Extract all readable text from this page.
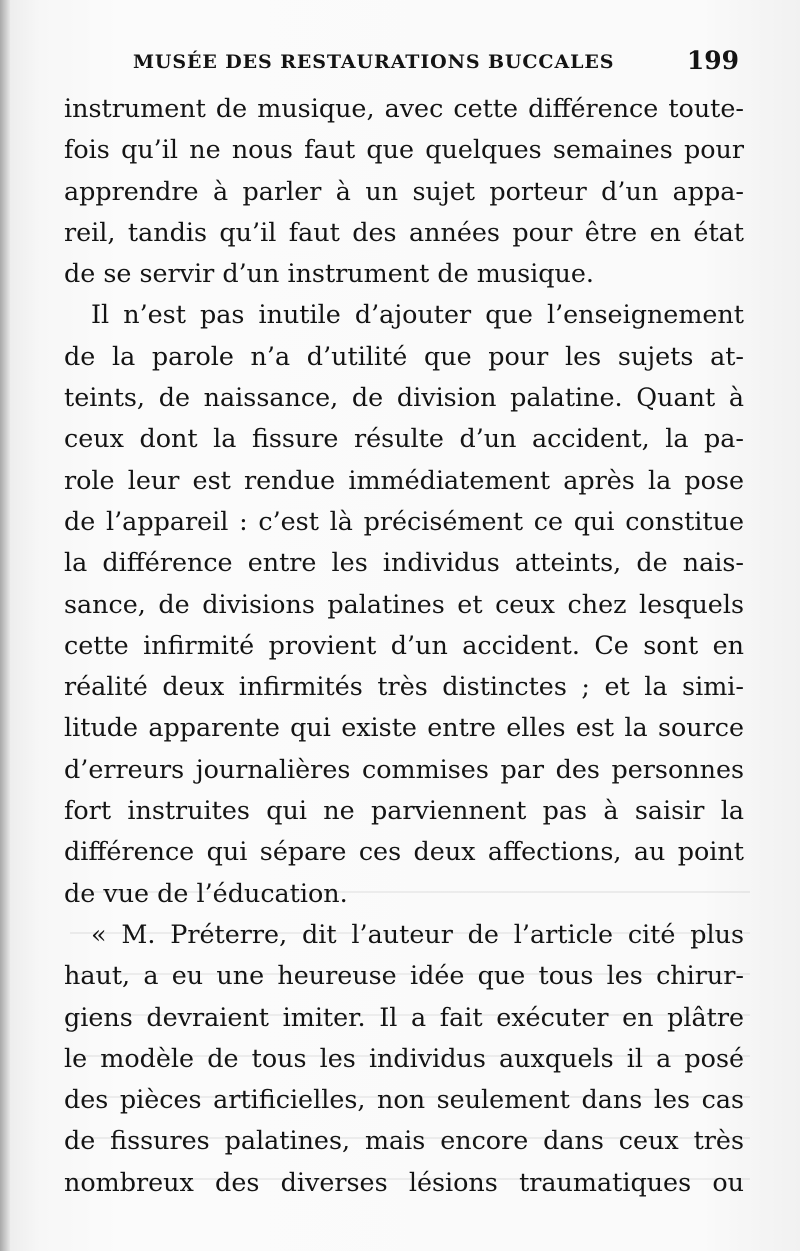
MUSÉE DES RESTAURATIONS BUCCALES	199
instrument de musique, avec cette différence toute-
fois qu’il ne nous faut que quelques semaines pour
apprendre à parler à un sujet porteur d’un appa-
reil, tandis qu’il faut des années pour être en état
de se servir d’un instrument de musique.
Il n’est pas inutile d’ajouter que l’enseignement
de la parole n’a d’utilité que pour les sujets at-
teints, de naissance, de division palatine. Quant à
ceux dont la fissure résulte d’un accident, la pa-
role leur est rendue immédiatement après la pose
de l’appareil : c’est là précisément ce qui constitue
la différence entre les individus atteints, de nais-
sance, de divisions palatines et ceux chez lesquels
cette infirmité provient d’un accident. Ce sont en
réalité deux infirmités très distinctes ; et la simi-
litude apparente qui existe entre elles est la source
d’erreurs journalières commises par des personnes
fort instruites qui ne parviennent pas à saisir la
différence qui sépare ces deux affections, au point
de vue de l’éducation.
« M. Préterre, dit l’auteur de l’article cité plus
haut, a eu une heureuse idée que tous les chirur-
giens devraient imiter. Il a fait exécuter en plâtre
le modèle de tous les individus auxquels il a posé
des pièces artificielles, non seulement dans les cas
de fissures palatines, mais encore dans ceux très
nombreux des diverses lésions traumatiques ou
